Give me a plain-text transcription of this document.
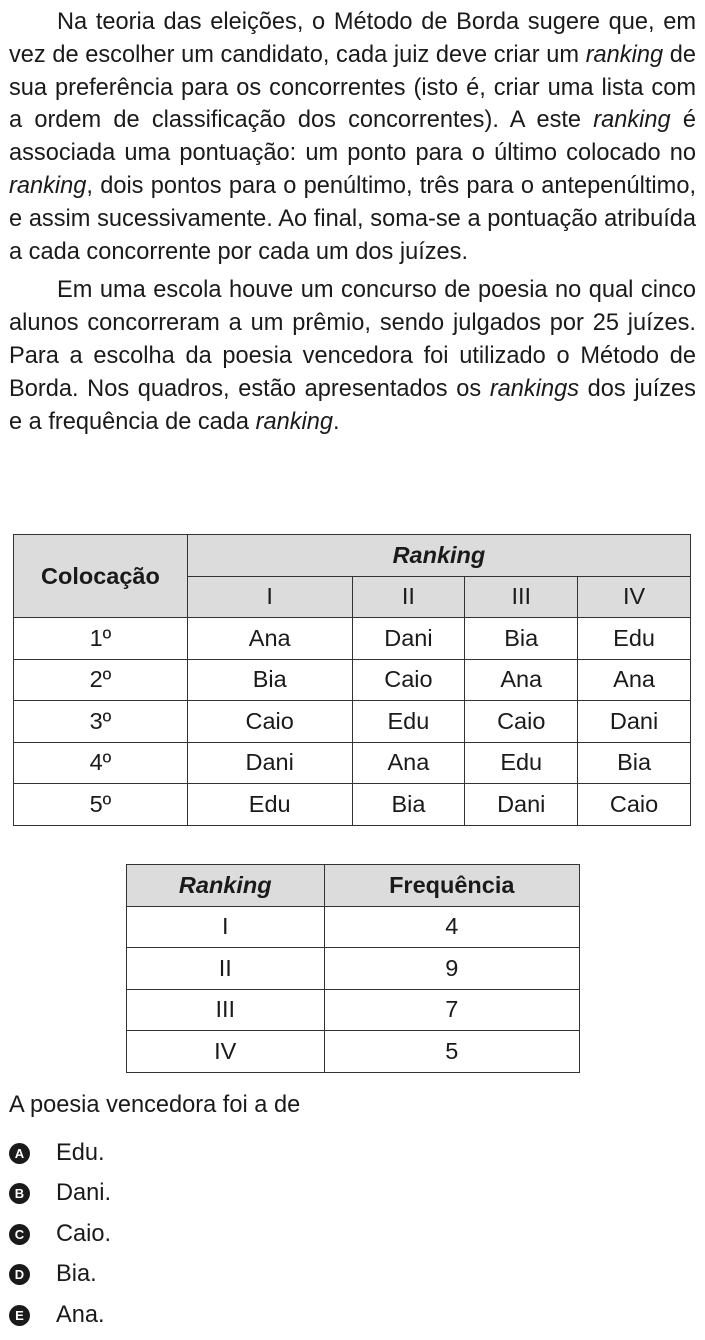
Na teoria das eleições, o Método de Borda sugere que, em vez de escolher um candidato, cada juiz deve criar um ranking de sua preferência para os concorrentes (isto é, criar uma lista com a ordem de classificação dos concorrentes). A este ranking é associada uma pontuação: um ponto para o último colocado no ranking, dois pontos para o penúltimo, três para o antepenúltimo, e assim sucessivamente. Ao final, soma-se a pontuação atribuída a cada concorrente por cada um dos juízes.

Em uma escola houve um concurso de poesia no qual cinco alunos concorreram a um prêmio, sendo julgados por 25 juízes. Para a escolha da poesia vencedora foi utilizado o Método de Borda. Nos quadros, estão apresentados os rankings dos juízes e a frequência de cada ranking.

Colocação	Ranking			
	I	II	III	IV
1º	Ana	Dani	Bia	Edu
2º	Bia	Caio	Ana	Ana
3º	Caio	Edu	Caio	Dani
4º	Dani	Ana	Edu	Bia
5º	Edu	Bia	Dani	Caio
Ranking	Frequência
I	4
II	9
III	7
IV	5
A poesia vencedora foi a de
A Edu.
B Dani.
C Caio.
D Bia.
E Ana.
